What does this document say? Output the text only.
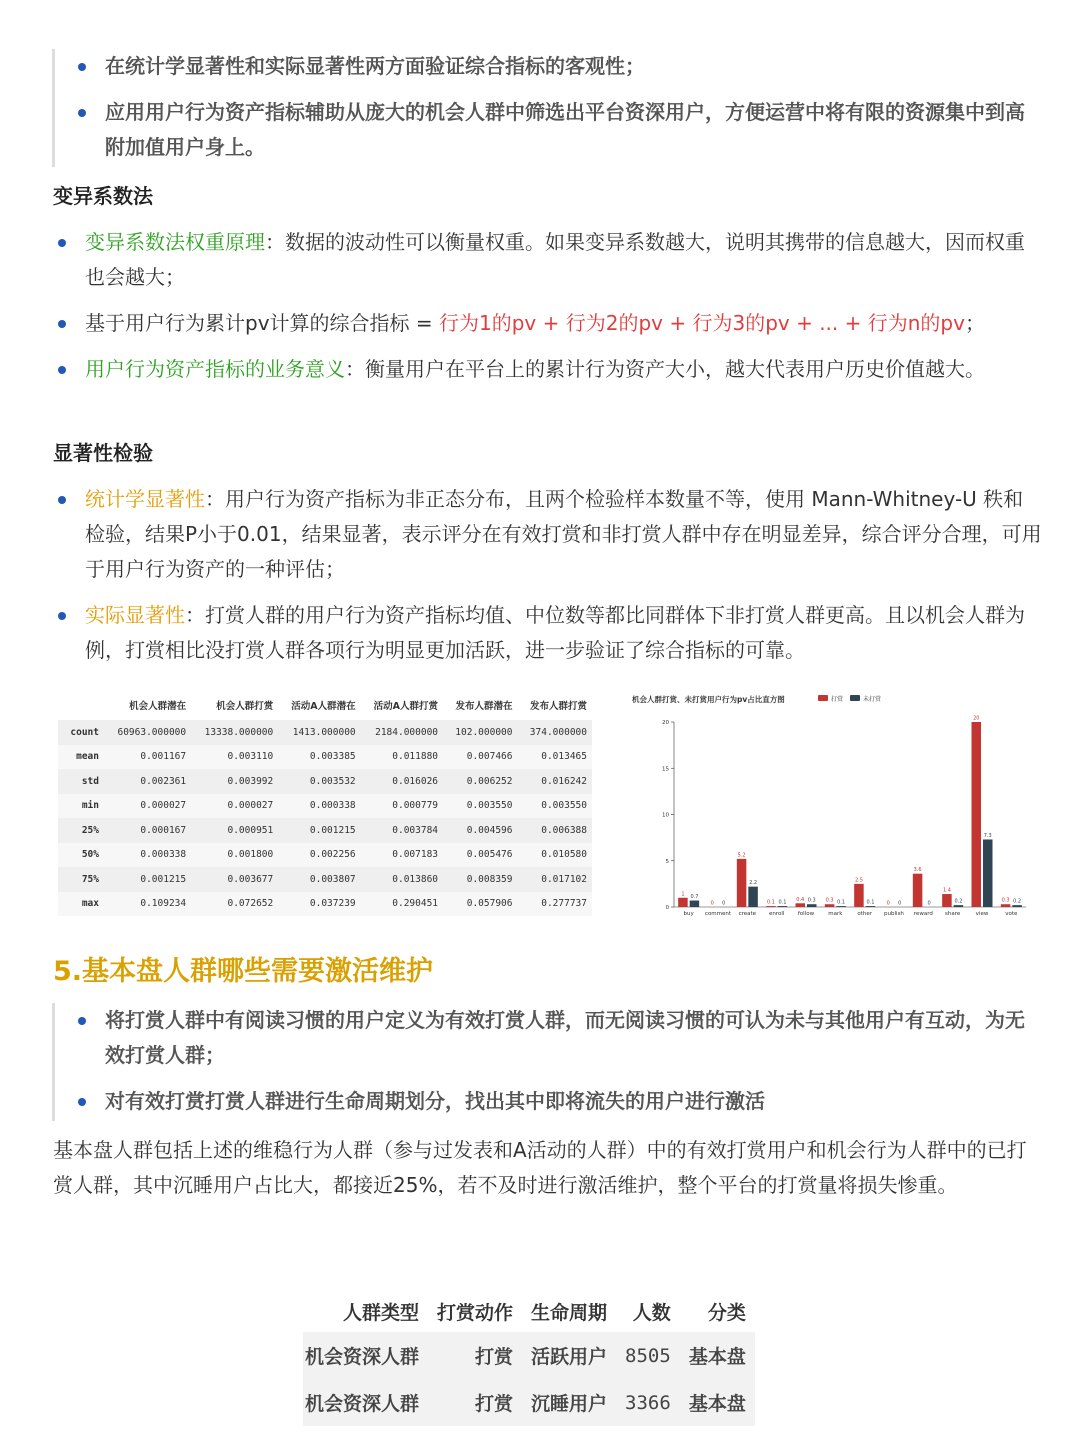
在统计学显著性和实际显著性两方面验证综合指标的客观性；
应用用户行为资产指标辅助从庞大的机会人群中筛选出平台资深用户，方便运营中将有限的资源集中到高附加值用户身上。
变异系数法
变异系数法权重原理：数据的波动性可以衡量权重。如果变异系数越大，说明其携带的信息越大，因而权重也会越大；
基于用户行为累计pv计算的综合指标 = 行为1的pv + 行为2的pv + 行为3的pv + ... + 行为n的pv；
用户行为资产指标的业务意义：衡量用户在平台上的累计行为资产大小，越大代表用户历史价值越大。
显著性检验
统计学显著性：用户行为资产指标为非正态分布，且两个检验样本数量不等，使用 Mann-Whitney-U 秩和检验，结果P小于0.01，结果显著，表示评分在有效打赏和非打赏人群中存在明显差异，综合评分合理，可用于用户行为资产的一种评估；
实际显著性：打赏人群的用户行为资产指标均值、中位数等都比同群体下非打赏人群更高。且以机会人群为例，打赏相比没打赏人群各项行为明显更加活跃，进一步验证了综合指标的可靠。
	机会人群潜在	机会人群打赏	活动A人群潜在	活动A人群打赏	发布人群潜在	发布人群打赏
count	60963.000000	13338.000000	1413.000000	2184.000000	102.000000	374.000000
mean	0.001167	0.003110	0.003385	0.011880	0.007466	0.013465
std	0.002361	0.003992	0.003532	0.016026	0.006252	0.016242
min	0.000027	0.000027	0.000338	0.000779	0.003550	0.003550
25%	0.000167	0.000951	0.001215	0.003784	0.004596	0.006388
50%	0.000338	0.001800	0.002256	0.007183	0.005476	0.010580
75%	0.001215	0.003677	0.003807	0.013860	0.008359	0.017102
max	0.109234	0.072652	0.037239	0.290451	0.057906	0.277737
机会人群打赏、未打赏用户行为pv占比直方图	打赏	未打赏
0
5
10
15
20
buy
1 0.7
comment
0 0
create
5.2
2.2
enroll
0.1 0.1
follow
0.4 0.3
mark
0.3 0.1
other
2.5
0.1
publish
0 0
reward
3.6
0
share
1.4
0.2
view
20
7.3
vote
0.3 0.2
5.基本盘人群哪些需要激活维护
将打赏人群中有阅读习惯的用户定义为有效打赏人群，而无阅读习惯的可认为未与其他用户有互动，为无效打赏人群；
对有效打赏打赏人群进行生命周期划分，找出其中即将流失的用户进行激活
基本盘人群包括上述的维稳行为人群（参与过发表和A活动的人群）中的有效打赏用户和机会行为人群中的已打赏人群，其中沉睡用户占比大，都接近25%，若不及时进行激活维护，整个平台的打赏量将损失惨重。
人群类型	打赏动作	生命周期	人数	分类
机会资深人群	打赏	活跃用户	8505	基本盘
机会资深人群	打赏	沉睡用户	3366	基本盘
